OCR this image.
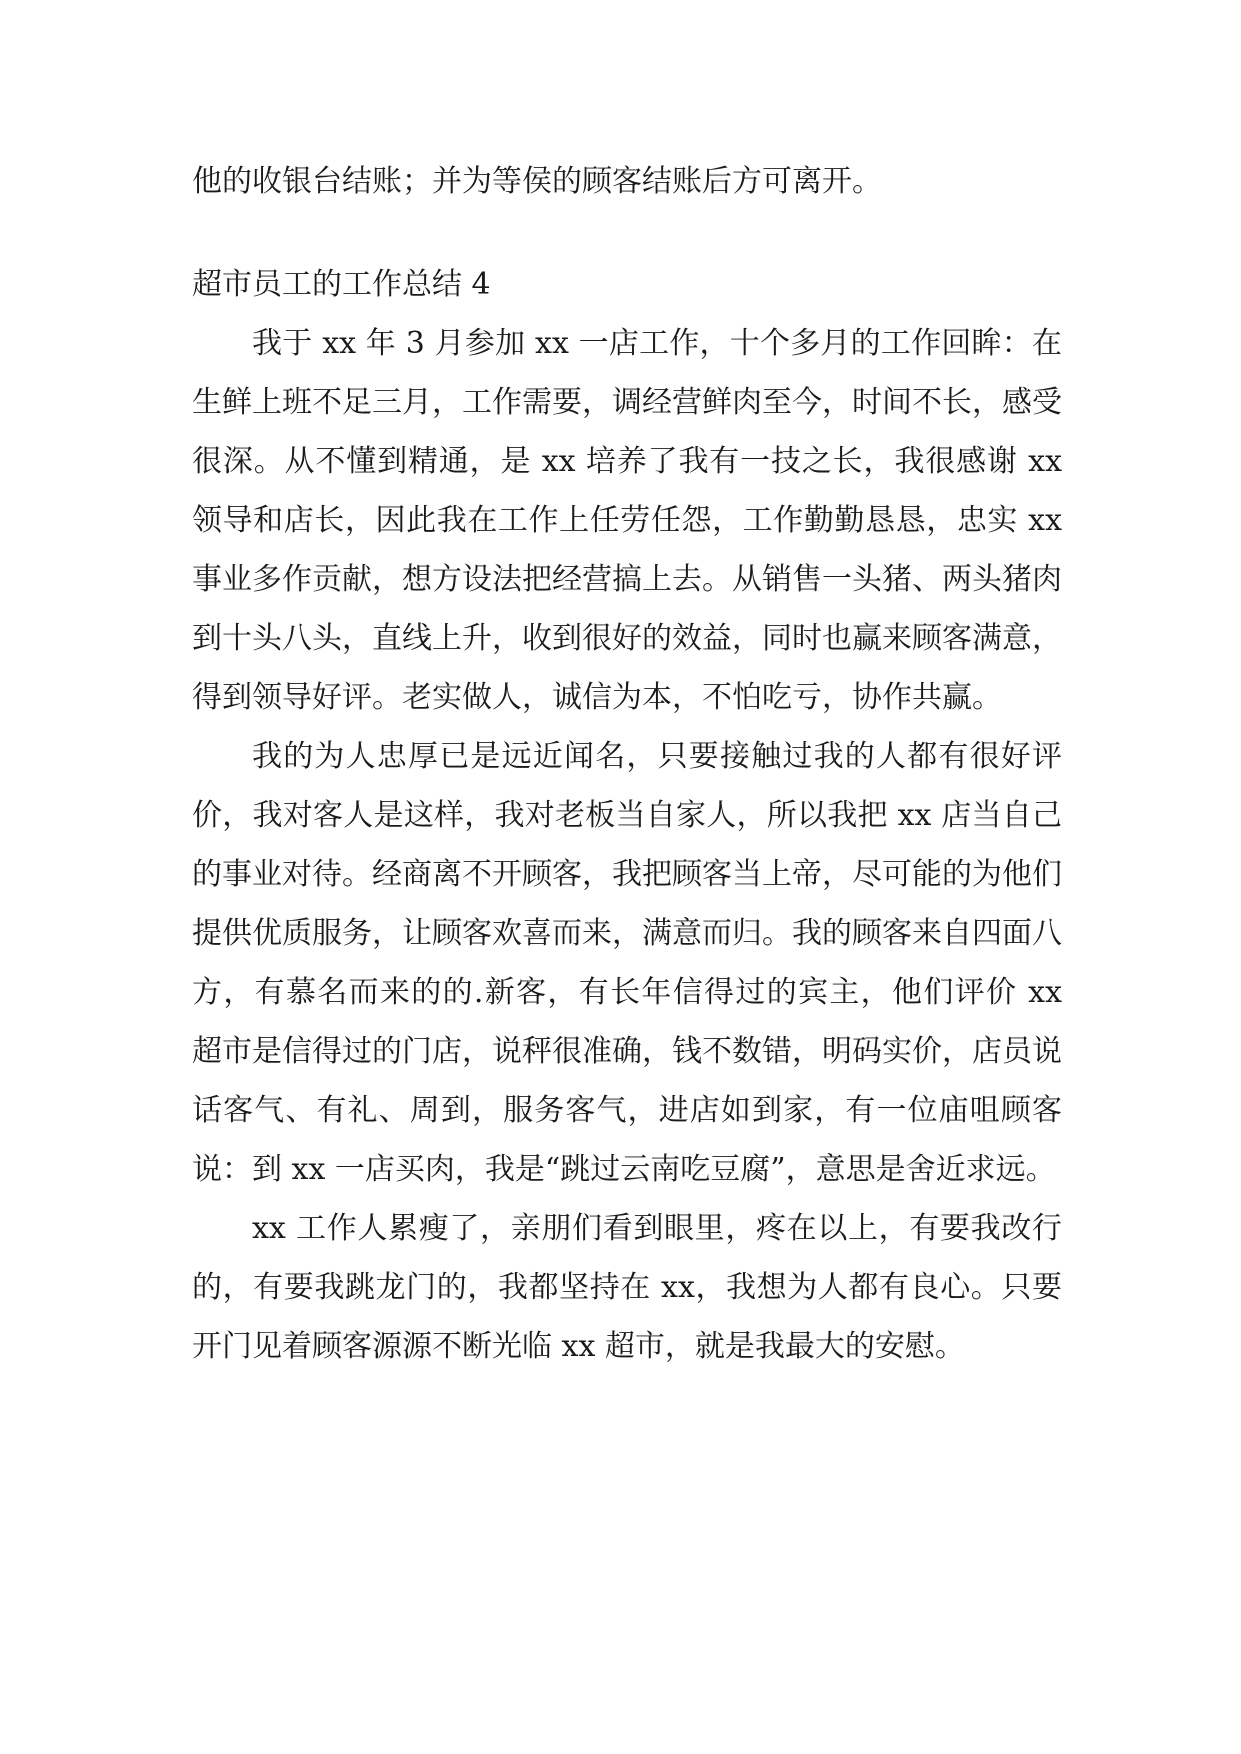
他的收银台结账；并为等侯的顾客结账后方可离开。

超市员工的工作总结 4

我于 xx 年 3 月参加 xx 一店工作，十个多月的工作回眸：在生鲜上班不足三月，工作需要，调经营鲜肉至今，时间不长，感受很深。从不懂到精通，是 xx 培养了我有一技之长，我很感谢 xx 领导和店长，因此我在工作上任劳任怨，工作勤勤恳恳，忠实 xx 事业多作贡献，想方设法把经营搞上去。从销售一头猪、两头猪肉到十头八头，直线上升，收到很好的效益，同时也赢来顾客满意，得到领导好评。老实做人，诚信为本，不怕吃亏，协作共赢。

我的为人忠厚已是远近闻名，只要接触过我的人都有很好评价，我对客人是这样，我对老板当自家人，所以我把 xx 店当自己的事业对待。经商离不开顾客，我把顾客当上帝，尽可能的为他们提供优质服务，让顾客欢喜而来，满意而归。我的顾客来自四面八方，有慕名而来的的.新客，有长年信得过的宾主，他们评价 xx 超市是信得过的门店，说秤很准确，钱不数错，明码实价，店员说话客气、有礼、周到，服务客气，进店如到家，有一位庙咀顾客说：到 xx 一店买肉，我是“跳过云南吃豆腐”，意思是舍近求远。

xx 工作人累瘦了，亲朋们看到眼里，疼在以上，有要我改行的，有要我跳龙门的，我都坚持在 xx，我想为人都有良心。只要开门见着顾客源源不断光临 xx 超市，就是我最大的安慰。
